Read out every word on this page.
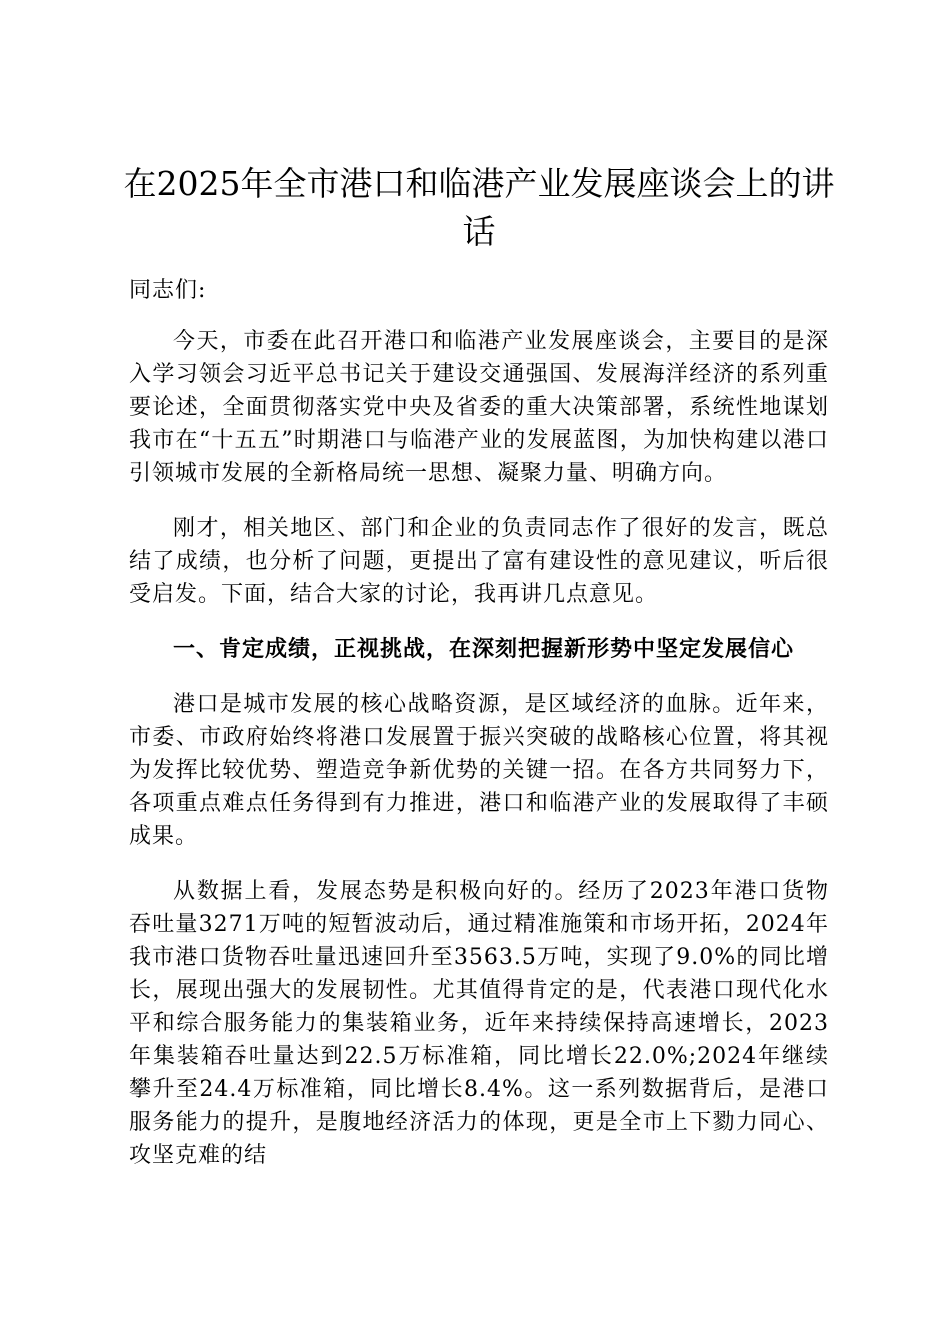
在2025年全市港口和临港产业发展座谈会上的讲话
同志们:

今天，市委在此召开港口和临港产业发展座谈会，主要目的是深入学习领会习近平总书记关于建设交通强国、发展海洋经济的系列重要论述，全面贯彻落实党中央及省委的重大决策部署，系统性地谋划我市在“十五五”时期港口与临港产业的发展蓝图，为加快构建以港口引领城市发展的全新格局统一思想、凝聚力量、明确方向。

刚才，相关地区、部门和企业的负责同志作了很好的发言，既总结了成绩，也分析了问题，更提出了富有建设性的意见建议，听后很受启发。下面，结合大家的讨论，我再讲几点意见。

一、肯定成绩，正视挑战，在深刻把握新形势中坚定发展信心

港口是城市发展的核心战略资源，是区域经济的血脉。近年来，市委、市政府始终将港口发展置于振兴突破的战略核心位置，将其视为发挥比较优势、塑造竞争新优势的关键一招。在各方共同努力下，各项重点难点任务得到有力推进，港口和临港产业的发展取得了丰硕成果。

从数据上看，发展态势是积极向好的。经历了2023年港口货物吞吐量3271万吨的短暂波动后，通过精准施策和市场开拓，2024年我市港口货物吞吐量迅速回升至3563.5万吨，实现了9.0%的同比增长，展现出强大的发展韧性。尤其值得肯定的是，代表港口现代化水平和综合服务能力的集装箱业务，近年来持续保持高速增长，2023年集装箱吞吐量达到22.5万标准箱，同比增长22.0%;2024年继续攀升至24.4万标准箱，同比增长8.4%。这一系列数据背后，是港口服务能力的提升，是腹地经济活力的体现，更是全市上下勠力同心、攻坚克难的结
